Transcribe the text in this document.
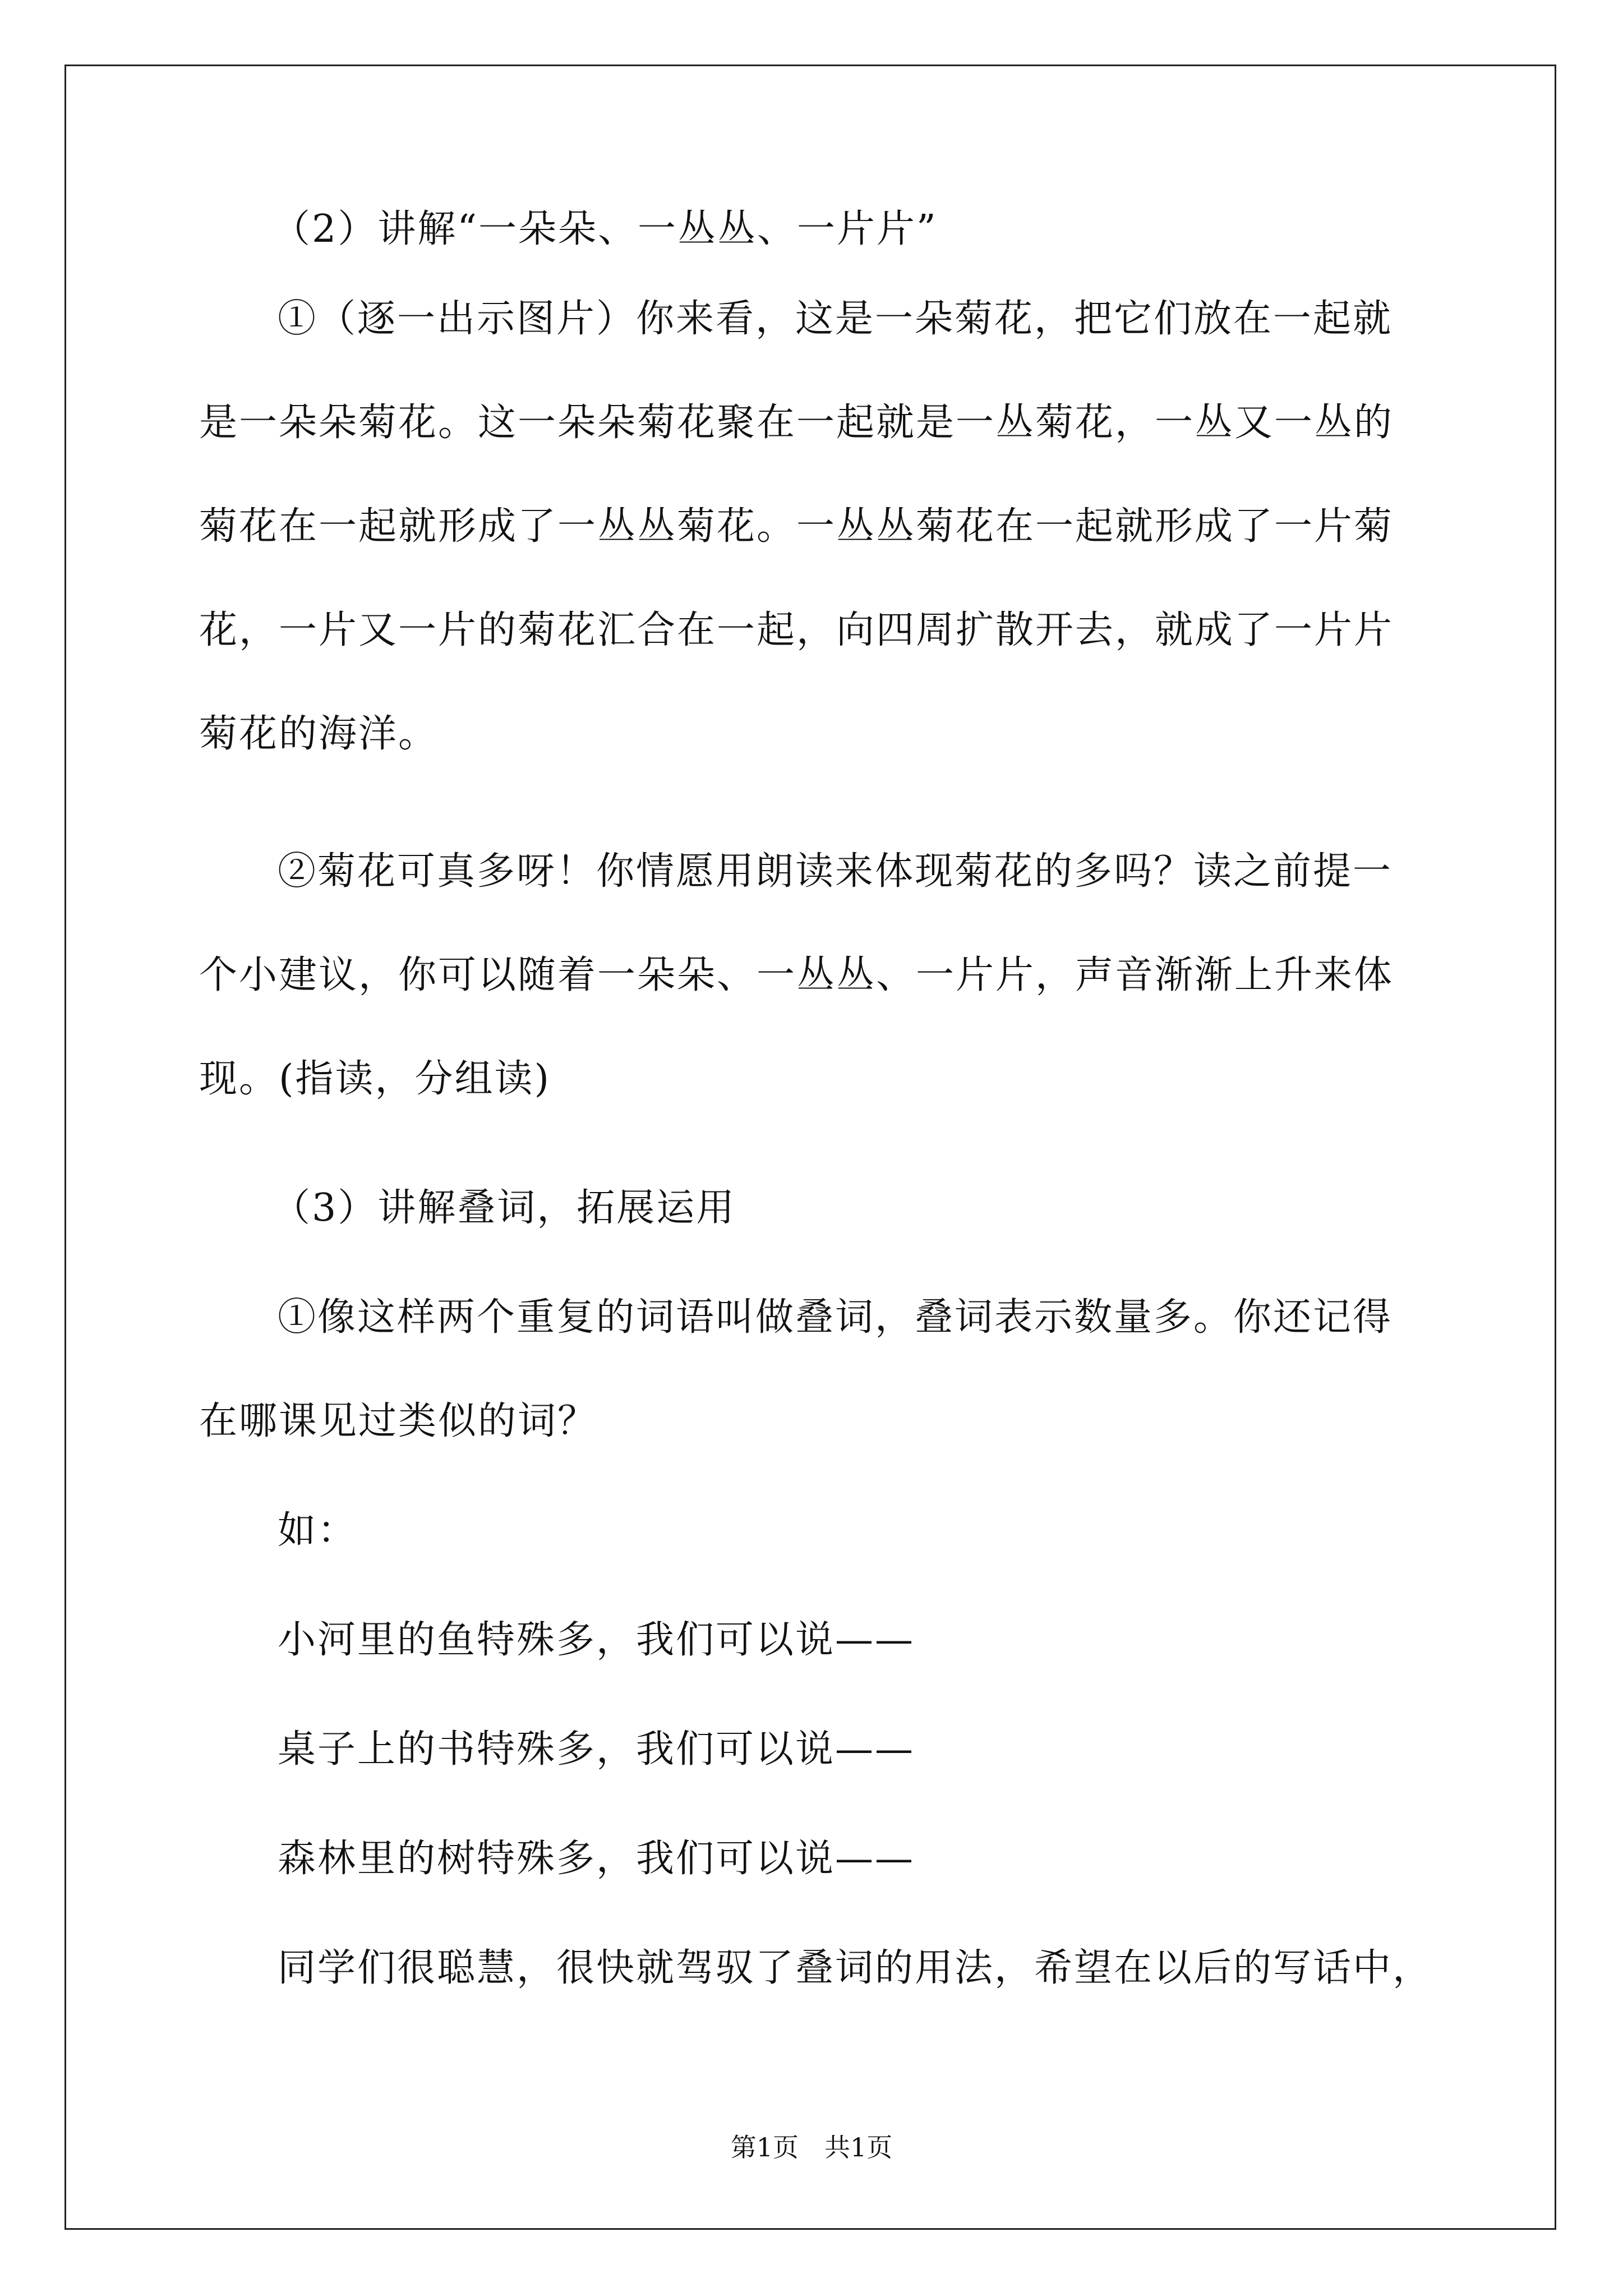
（2）讲解“一朵朵、一丛丛、一片片”

①（逐一出示图片）你来看，这是一朵菊花，把它们放在一起就

是一朵朵菊花。这一朵朵菊花聚在一起就是一丛菊花，一丛又一丛的

菊花在一起就形成了一丛丛菊花。一丛丛菊花在一起就形成了一片菊

花，一片又一片的菊花汇合在一起，向四周扩散开去，就成了一片片

菊花的海洋。

②菊花可真多呀！你情愿用朗读来体现菊花的多吗？读之前提一

个小建议，你可以随着一朵朵、一丛丛、一片片，声音渐渐上升来体

现。(指读，分组读)

（3）讲解叠词，拓展运用

①像这样两个重复的词语叫做叠词，叠词表示数量多。你还记得

在哪课见过类似的词？

如：

小河里的鱼特殊多，我们可以说——

桌子上的书特殊多，我们可以说——

森林里的树特殊多，我们可以说——

同学们很聪慧，很快就驾驭了叠词的用法，希望在以后的写话中，

第1页　共1页
